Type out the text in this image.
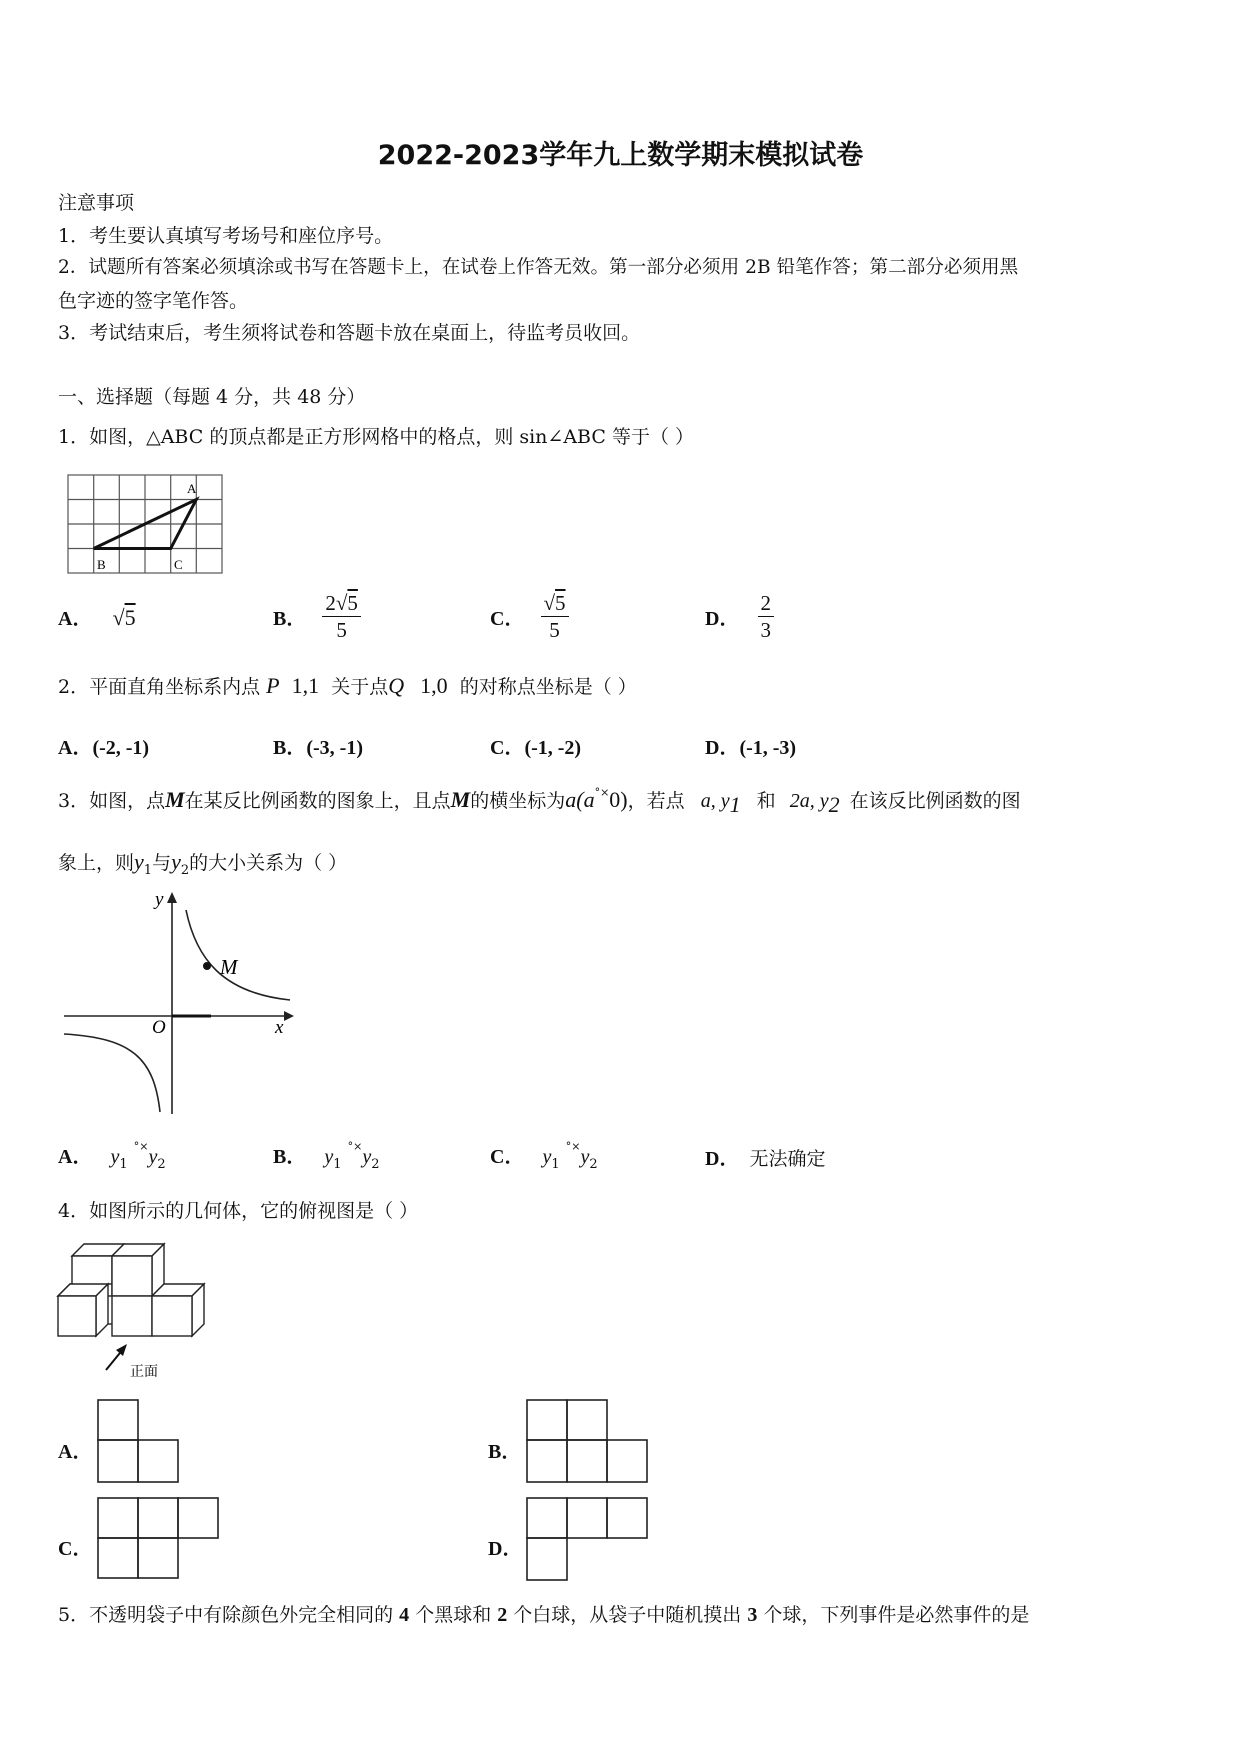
2022-2023学年九上数学期末模拟试卷
注意事项
1．考生要认真填写考场号和座位序号。
2．试题所有答案必须填涂或书写在答题卡上，在试卷上作答无效。第一部分必须用 2B 铅笔作答；第二部分必须用黑
色字迹的签字笔作答。
3．考试结束后，考生须将试卷和答题卡放在桌面上，待监考员收回。
一、选择题（每题 4 分，共 48 分）
1．如图，△ABC 的顶点都是正方形网格中的格点，则 sin∠ABC 等于（ ）
A
B	C
A． √5	B． $\frac{2√5}{5}$	C． $\frac{√5}{5}$	D． $\frac{2}{3}$
2．平面直角坐标系内点 P 1,1 关于点Q 1,0 的对称点坐标是（ ）
A．(-2, -1)	B．(-3, -1)	C．(-1, -2)	D．(-1, -3)
3．如图，点M在某反比例函数的图象上，且点M的横坐标为a(a°×0)，若点 a, $y_1$ 和 2a, $y_2$ 在该反比例函数的图
象上，则$y_1$与$y_2$的大小关系为（ ）
M
y
x
O
A． $y_1$ $^{^\circ\times}y_2$	B． $y_1$ $^{^\circ\times}y_2$	C． $y_1$ $^{^\circ\times}y_2$	D． 无法确定
4．如图所示的几何体，它的俯视图是（ ）
正面
A．	B．
C．	D．
5．不透明袋子中有除颜色外完全相同的 4 个黑球和 2 个白球，从袋子中随机摸出 3 个球，下列事件是必然事件的是
